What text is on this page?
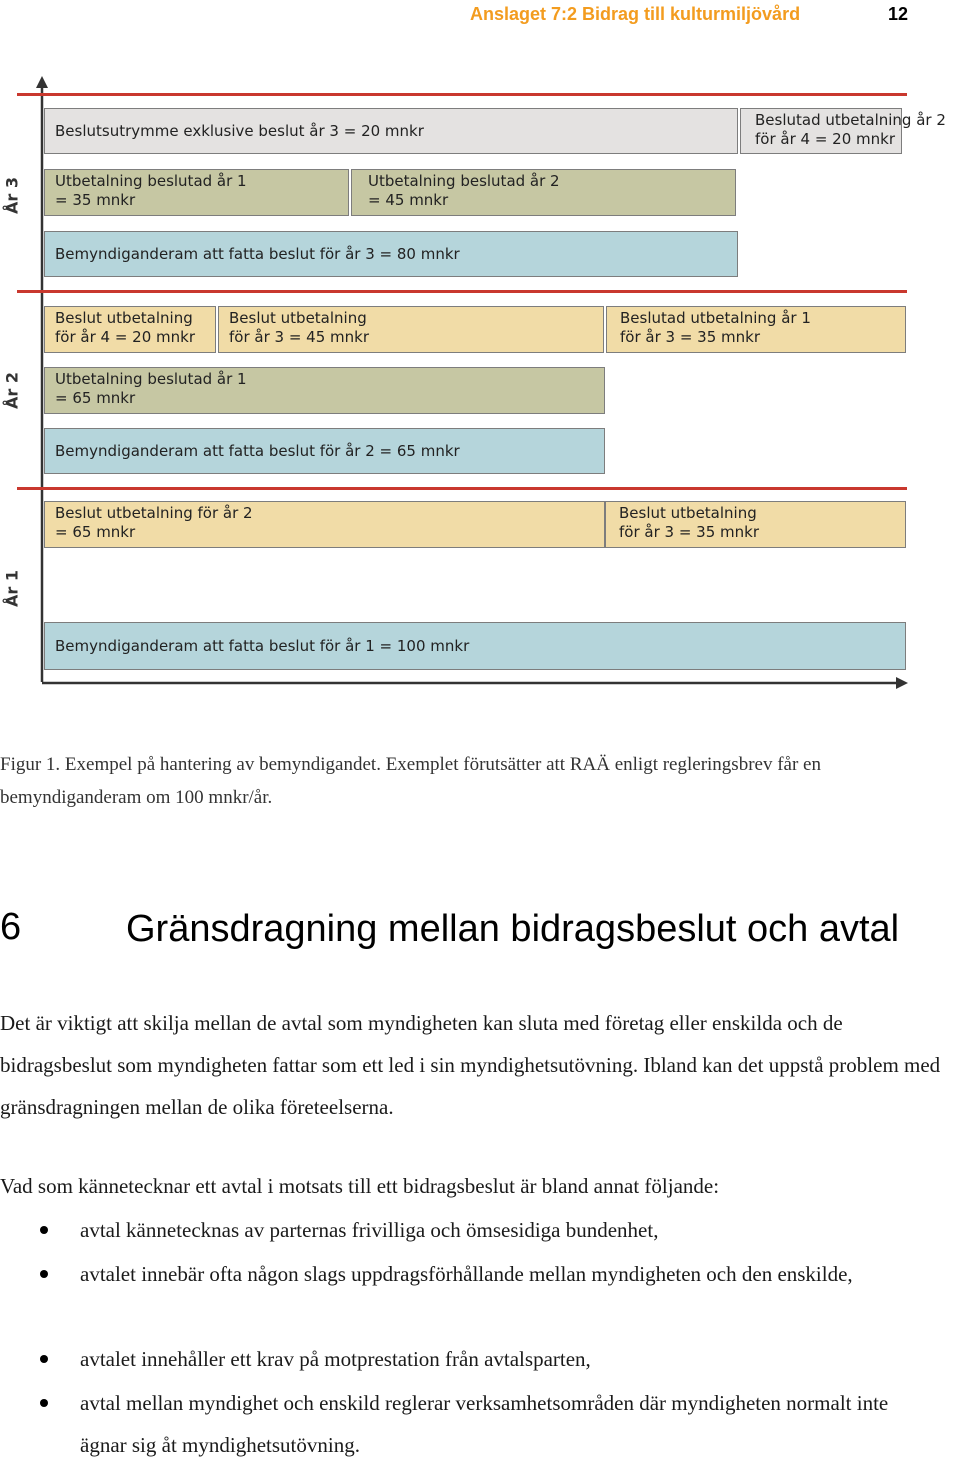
Anslaget 7:2 Bidrag till kulturmiljövård	12
År 3
Beslutsutrymme exklusive beslut år 3 = 20 mnkr
Beslutad utbetalning år 2
för år 4 = 20 mnkr
Utbetalning beslutad år 1
= 35 mnkr
Utbetalning beslutad år 2
= 45 mnkr
Bemyndiganderam att fatta beslut för år 3 = 80 mnkr
År 2
Beslut utbetalning
för år 4 = 20 mnkr
Beslut utbetalning
för år 3 = 45 mnkr
Beslutad utbetalning år 1
för år 3 = 35 mnkr
Utbetalning beslutad år 1
= 65 mnkr
Bemyndiganderam att fatta beslut för år 2 = 65 mnkr
År 1
Beslut utbetalning för år 2
= 65 mnkr
Beslut utbetalning
för år 3 = 35 mnkr
Bemyndiganderam att fatta beslut för år 1 = 100 mnkr
Figur 1. Exempel på hantering av bemyndigandet. Exemplet förutsätter att RAÄ enligt regleringsbrev får en bemyndiganderam om 100 mnkr/år.
6	Gränsdragning mellan bidragsbeslut och avtal
Det är viktigt att skilja mellan de avtal som myndigheten kan sluta med företag eller enskilda och de bidragsbeslut som myndigheten fattar som ett led i sin myndighetsutövning. Ibland kan det uppstå problem med gränsdragningen mellan de olika företeelserna.
Vad som kännetecknar ett avtal i motsats till ett bidragsbeslut är bland annat följande:
avtal kännetecknas av parternas frivilliga och ömsesidiga bundenhet,
avtalet innebär ofta någon slags uppdragsförhållande mellan myndigheten och den enskilde,
avtalet innehåller ett krav på motprestation från avtalsparten,
avtal mellan myndighet och enskild reglerar verksamhetsområden där myndigheten normalt inte ägnar sig åt myndighetsutövning.
